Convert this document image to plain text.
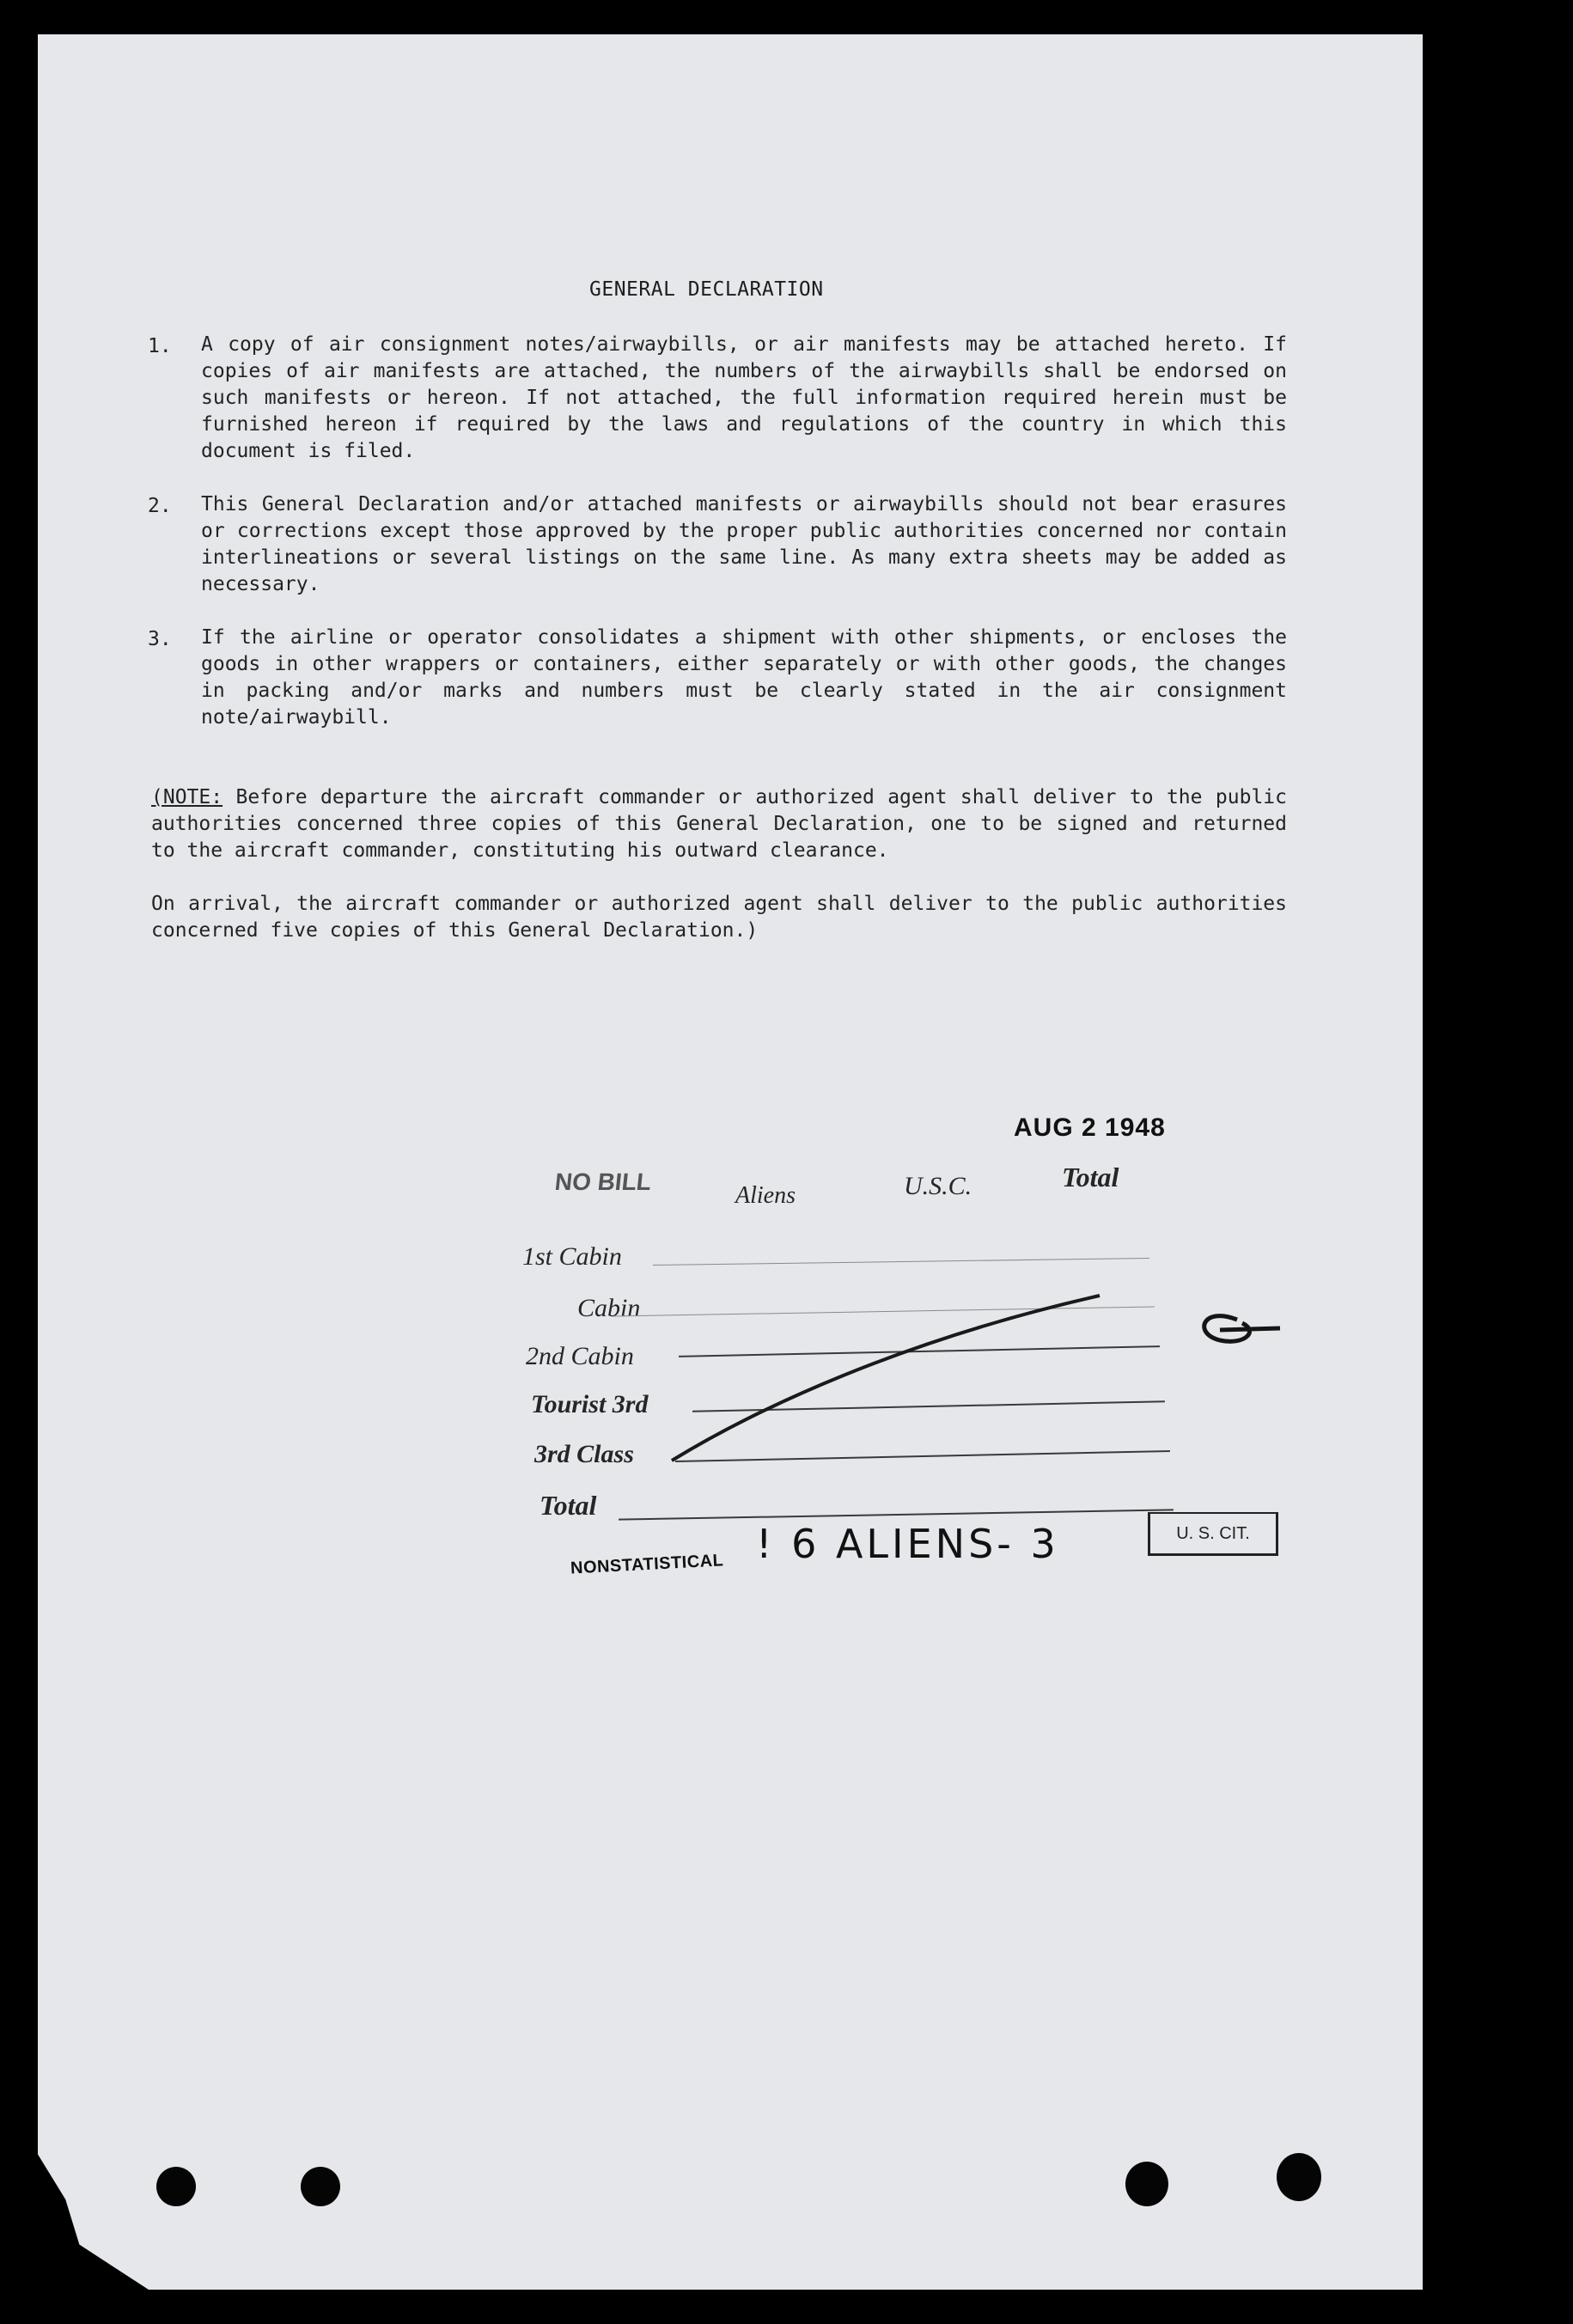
GENERAL DECLARATION
1. A copy of air consignment notes/airwaybills, or air manifests may be attached hereto. If copies of air manifests are attached, the numbers of the airwaybills shall be endorsed on such manifests or hereon. If not attached, the full information required herein must be furnished hereon if required by the laws and regulations of the country in which this document is filed.
2. This General Declaration and/or attached manifests or airwaybills should not bear erasures or corrections except those approved by the proper public authorities concerned nor contain interlineations or several listings on the same line. As many extra sheets may be added as necessary.
3. If the airline or operator consolidates a shipment with other shipments, or encloses the goods in other wrappers or containers, either separately or with other goods, the changes in packing and/or marks and numbers must be clearly stated in the air consignment note/airwaybill.
(NOTE: Before departure the aircraft commander or authorized agent shall deliver to the public authorities concerned three copies of this General Declaration, one to be signed and returned to the aircraft commander, constituting his outward clearance.
On arrival, the aircraft commander or authorized agent shall deliver to the public authorities concerned five copies of this General Declaration.)
AUG 2 1948
NO BILL
Aliens	U.S.C.	Total
1st Cabin
Cabin
2nd Cabin
Tourist 3rd
3rd Class
Total
NONSTATISTICAL ! 6 ALIENS- 3	U. S. CIT.
